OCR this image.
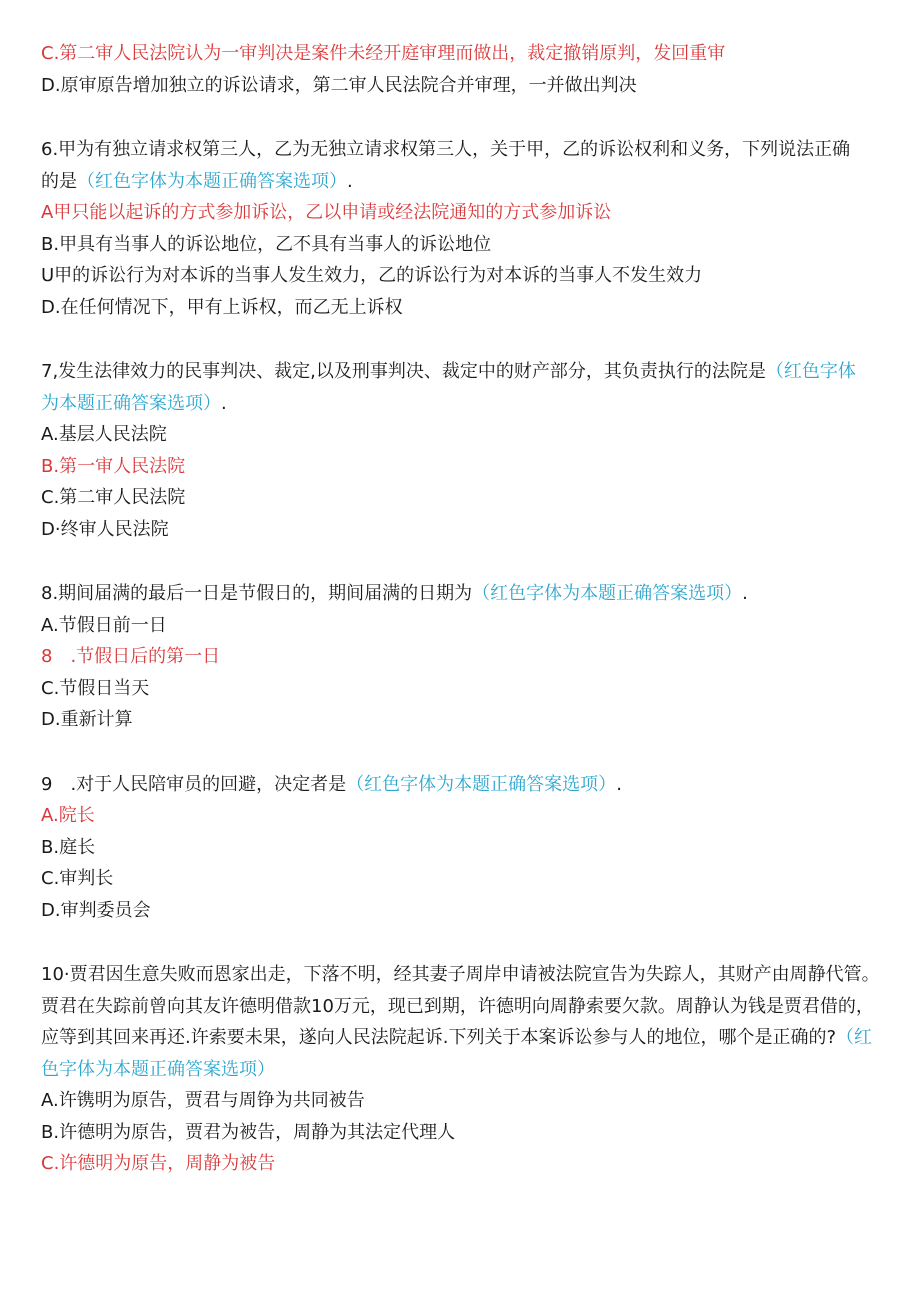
C.第二审人民法院认为一审判决是案件未经开庭审理而做出，裁定撤销原判，发回重审
D.原审原告增加独立的诉讼请求，第二审人民法院合并审理，一并做出判决
6.甲为有独立请求权第三人，乙为无独立请求权第三人，关于甲，乙的诉讼权利和义务，下列说法正确
的是（红色字体为本题正确答案选项）.
A甲只能以起诉的方式参加诉讼，乙以申请或经法院通知的方式参加诉讼
B.甲具有当事人的诉讼地位，乙不具有当事人的诉讼地位
U甲的诉讼行为对本诉的当事人发生效力，乙的诉讼行为对本诉的当事人不发生效力
D.在任何情况下，甲有上诉权，而乙无上诉权
7,发生法律效力的民事判决、裁定,以及刑事判决、裁定中的财产部分，其负责执行的法院是（红色字体
为本题正确答案选项）.
A.基层人民法院
B.第一审人民法院
C.第二审人民法院
D·终审人民法院
8.期间届满的最后一日是节假日的，期间届满的日期为（红色字体为本题正确答案选项）.
A.节假日前一日
8　.节假日后的第一日
C.节假日当天
D.重新计算
9　.对于人民陪审员的回避，决定者是（红色字体为本题正确答案选项）.
A.院长
B.庭长
C.审判长
D.审判委员会
10·贾君因生意失败而恩家出走，下落不明，经其妻子周岸申请被法院宣告为失踪人，其财产由周静代管。
贾君在失踪前曾向其友许德明借款10万元，现已到期，许德明向周静索要欠款。周静认为钱是贾君借的，
应等到其回来再还.许索要未果，遂向人民法院起诉.下列关于本案诉讼参与人的地位，哪个是正确的?（红
色字体为本题正确答案选项）
A.许镌明为原告，贾君与周铮为共同被告
B.许德明为原告，贾君为被告，周静为其法定代理人
C.许德明为原告，周静为被告
